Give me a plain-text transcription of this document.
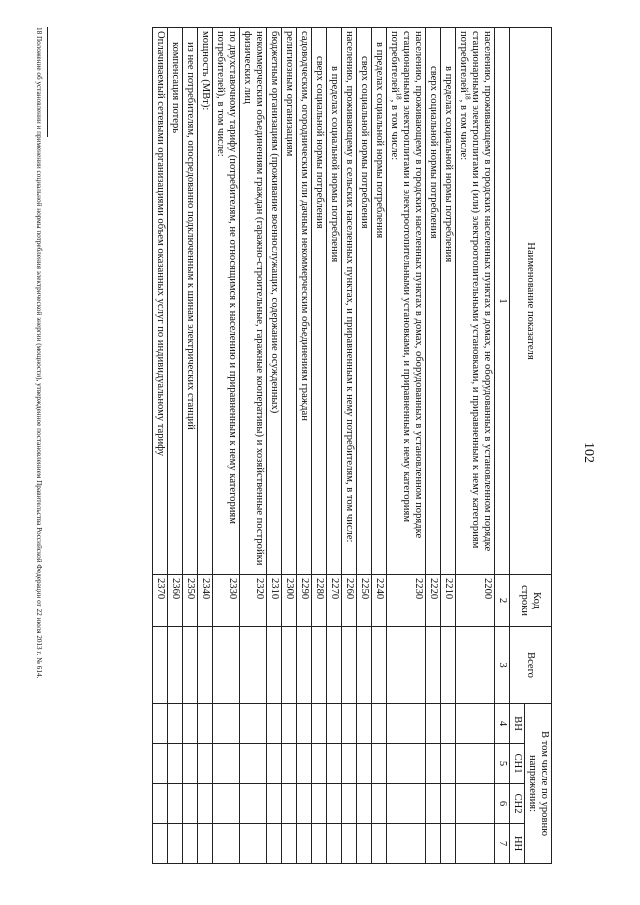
102
Наименование показателя	Код строки	Всего	В том числе по уровню напряжения:			
			ВН	СН1	СН2	НН
1	2	3	4	5	6	7
населению, проживающему в городских населенных пунктах в домах, не оборудованных в установленном порядке стационарными электроплитами и (или) электроотопительными установками, и приравненным к нему категориям потребителей$^{18}$, в том числе:	2200					
в пределах социальной нормы потребления	2210					
сверх социальной нормы потребления	2220					
населению, проживающему в городских населенных пунктах в домах, оборудованных в установленном порядке стационарными электроплитами и электроотопительными установками, и приравненным к нему категориям потребителей$^{18}$, в том числе:	2230					
в пределах социальной нормы потребления	2240					
сверх социальной нормы потребления	2250					
населению, проживающему в сельских населенных пунктах, и приравненным к нему потребителям, в том числе:	2260					
в пределах социальной нормы потребления	2270					
сверх социальной нормы потребления	2280					
садоводческим, огородническим или дачным некоммерческим объединениям граждан	2290					
религиозным организациям	2300					
бюджетным организациям (проживание военнослужащих, содержание осужденных)	2310					
некоммерческим объединениям граждан (гаражно-строительные, гаражные кооперативы) и хозяйственные постройки физических лиц	2320					
по двухставочному тарифу (потребителям, не относящимся к населению и приравненным к нему категориям потребителей), в том числе:	2330					
мощность (МВт):	2340					
из нее потребителям, опосредованно подключенным к шинам электрических станций	2350					
компенсация потерь	2360					
Оплачиваемый сетевыми организациями объем оказанных услуг по индивидуальному тарифу	2370					
18 Положение об установлении и применении социальной нормы потребления электрической энергии (мощности), утвержденное постановлением Правительства Российской Федерации от 22 июля 2013 г. № 614.
